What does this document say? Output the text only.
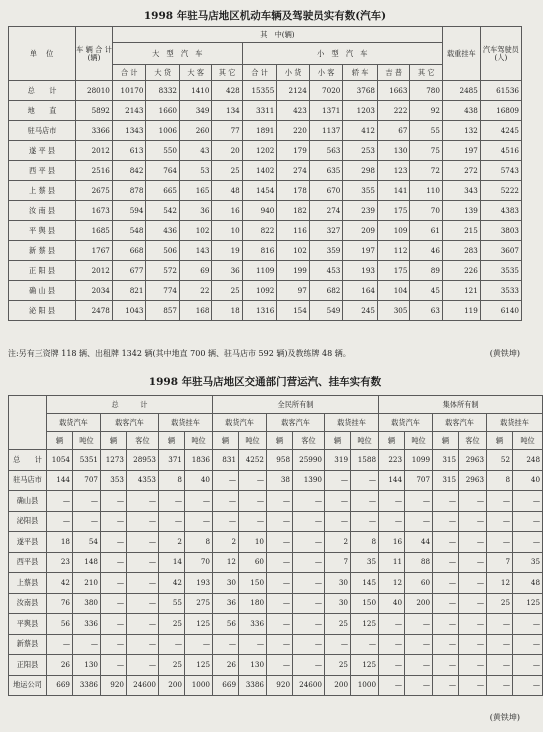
1998 年驻马店地区机动车辆及驾驶员实有数(汽车)
单　位	车 辆 合 计 (辆)	其　中(辆)										载重挂车	汽车驾驶员 (人)
		大　型　汽　车				小　型　汽　车							
		合 计	大 货	大 客	其 它	合 计	小 货	小 客	轿 车	吉 普	其 它		
总　　计	28010	10170	8332	1410	428	15355	2124	7020	3768	1663	780	2485	61536
地　　直	5892	2143	1660	349	134	3311	423	1371	1203	222	92	438	16809
驻马店市	3366	1343	1006	260	77	1891	220	1137	412	67	55	132	4245
遂 平 县	2012	613	550	43	20	1202	179	563	253	130	75	197	4516
西 平 县	2516	842	764	53	25	1402	274	635	298	123	72	272	5743
上 蔡 县	2675	878	665	165	48	1454	178	670	355	141	110	343	5222
汝 南 县	1673	594	542	36	16	940	182	274	239	175	70	139	4383
平 舆 县	1685	548	436	102	10	822	116	327	209	109	61	215	3803
新 蔡 县	1767	668	506	143	19	816	102	359	197	112	46	283	3607
正 阳 县	2012	677	572	69	36	1109	199	453	193	175	89	226	3535
确 山 县	2034	821	774	22	25	1092	97	682	164	104	45	121	3533
泌 阳 县	2478	1043	857	168	18	1316	154	549	245	305	63	119	6140
注:另有三资牌 118 辆、出租牌 1342 辆(其中地直 700 辆、驻马店市 592 辆)及教练牌 48 辆。	(黄铁坤)
1998 年驻马店地区交通部门营运汽、挂车实有数
	总　　　计						全民所有制						集体所有制					
	载货汽车		载客汽车		载货挂车		载货汽车		载客汽车		载货挂车		载货汽车		载客汽车		载货挂车	
	辆	吨位	辆	客位	辆	吨位	辆	吨位	辆	客位	辆	吨位	辆	吨位	辆	客位	辆	吨位
总　　计	1054	5351	1273	28953	371	1836	831	4252	958	25990	319	1588	223	1099	315	2963	52	248
驻马店市	144	707	353	4353	8	40	—	—	38	1390	—	—	144	707	315	2963	8	40
确山县	—	—	—	—	—	—	—	—	—	—	—	—	—	—	—	—	—	—
泌阳县	—	—	—	—	—	—	—	—	—	—	—	—	—	—	—	—	—	—
遂平县	18	54	—	—	2	8	2	10	—	—	2	8	16	44	—	—	—	—
西平县	23	148	—	—	14	70	12	60	—	—	7	35	11	88	—	—	7	35
上蔡县	42	210	—	—	42	193	30	150	—	—	30	145	12	60	—	—	12	48
汝南县	76	380	—	—	55	275	36	180	—	—	30	150	40	200	—	—	25	125
平舆县	56	336	—	—	25	125	56	336	—	—	25	125	—	—	—	—	—	—
新蔡县	—	—	—	—	—	—	—	—	—	—	—	—	—	—	—	—	—	—
正阳县	26	130	—	—	25	125	26	130	—	—	25	125	—	—	—	—	—	—
地运公司	669	3386	920	24600	200	1000	669	3386	920	24600	200	1000	—	—	—	—	—	—
(黄铁坤)
